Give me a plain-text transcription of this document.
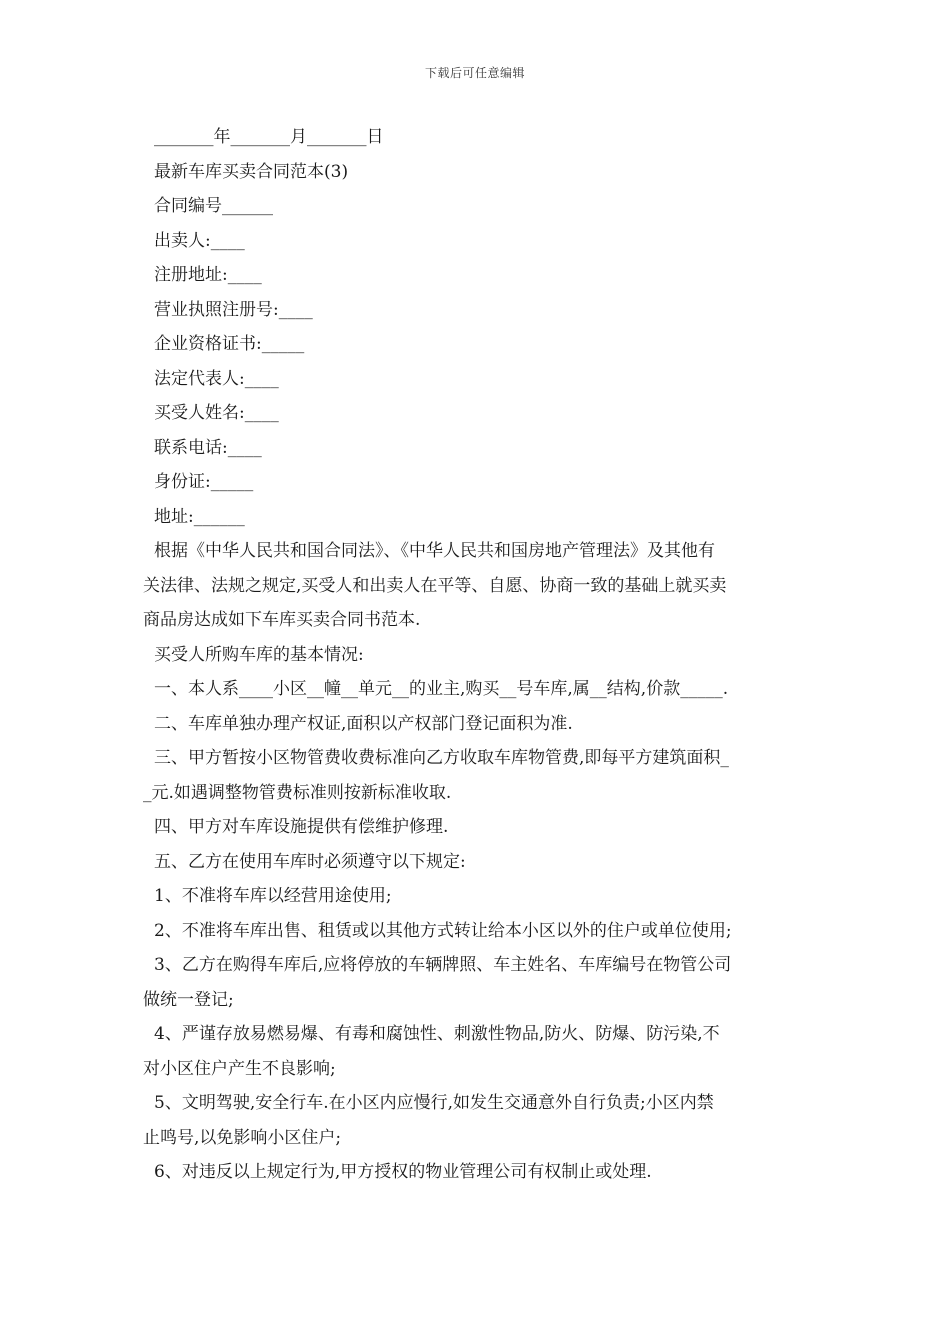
下载后可任意编辑
_______年_______月_______日
最新车库买卖合同范本(3)
合同编号______
出卖人:____
注册地址:____
营业执照注册号:____
企业资格证书:_____
法定代表人:____
买受人姓名:____
联系电话:____
身份证:_____
地址:______
根据《中华人民共和国合同法》、《中华人民共和国房地产管理法》及其他有
关法律、法规之规定,买受人和出卖人在平等、自愿、协商一致的基础上就买卖
商品房达成如下车库买卖合同书范本.
买受人所购车库的基本情况:
一、本人系____小区__幢__单元__的业主,购买__号车库,属__结构,价款_____.
二、车库单独办理产权证,面积以产权部门登记面积为准.
三、甲方暂按小区物管费收费标准向乙方收取车库物管费,即每平方建筑面积_
_元.如遇调整物管费标准则按新标准收取.
四、甲方对车库设施提供有偿维护修理.
五、乙方在使用车库时必须遵守以下规定:
1、不准将车库以经营用途使用;
2、不准将车库出售、租赁或以其他方式转让给本小区以外的住户或单位使用;
3、乙方在购得车库后,应将停放的车辆牌照、车主姓名、车库编号在物管公司
做统一登记;
4、严谨存放易燃易爆、有毒和腐蚀性、刺激性物品,防火、防爆、防污染,不
对小区住户产生不良影响;
5、文明驾驶,安全行车.在小区内应慢行,如发生交通意外自行负责;小区内禁
止鸣号,以免影响小区住户;
6、对违反以上规定行为,甲方授权的物业管理公司有权制止或处理.
